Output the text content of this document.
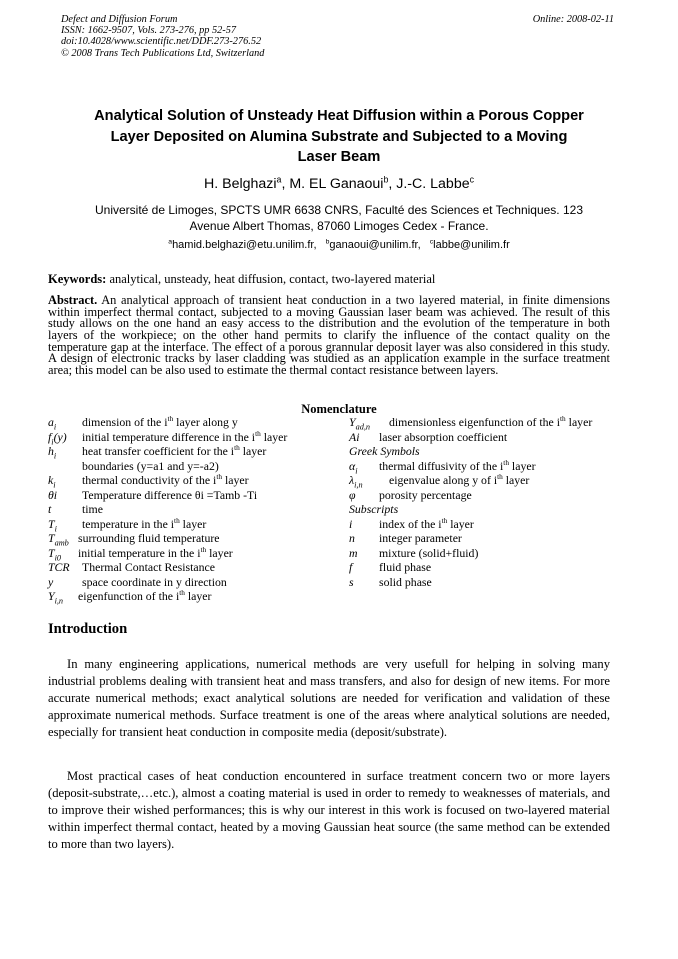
Defect and Diffusion Forum
ISSN: 1662-9507, Vols. 273-276, pp 52-57
doi:10.4028/www.scientific.net/DDF.273-276.52
© 2008 Trans Tech Publications Ltd, Switzerland
Online: 2008-02-11
Analytical Solution of Unsteady Heat Diffusion within a Porous Copper
Layer Deposited on Alumina Substrate and Subjected to a Moving
Laser Beam
H. Belghazi$^a$, M. EL Ganaoui$^b$, J.-C. Labbe$^c$
Université de Limoges, SPCTS UMR 6638 CNRS, Faculté des Sciences et Techniques. 123
Avenue Albert Thomas, 87060 Limoges Cedex - France.
$^a$hamid.belghazi@etu.unilim.fr, $^b$ganaoui@unilim.fr, $^c$labbe@unilim.fr
Keywords: analytical, unsteady, heat diffusion, contact, two-layered material
Abstract. An analytical approach of transient heat conduction in a two layered material, in finite dimensions within imperfect thermal contact, subjected to a moving Gaussian laser beam was achieved. The result of this study allows on the one hand an easy access to the distribution and the evolution of the temperature in both layers of the workpiece; on the other hand permits to clarify the influence of the contact quality on the temperature gap at the interface. The effect of a porous grannular deposit layer was also considered in this study. A design of electronic tracks by laser cladding was studied as an application example in the surface treatment area; this model can be also used to estimate the thermal contact resistance between layers.
Nomenclature
$a_i$ dimension of the $i^{th}$ layer along y
$f_i(y)$ initial temperature difference in the $i^{th}$ layer
$h_i$ heat transfer coefficient for the $i^{th}$ layer
boundaries (y=a1 and y=-a2)
$k_i$ thermal conductivity of the $i^{th}$ layer
θi Temperature difference θi =Tamb -Ti
t	time
$T_i$ temperature in the $i^{th}$ layer
$T_{amb}$ surrounding fluid temperature
$T_{i0}$ initial temperature in the $i^{th}$ layer
TCR Thermal Contact Resistance
y space coordinate in y direction
$Y_{i,n}$ eigenfunction of the $i^{th}$ layer
$Y_{ad,n}$ dimensionless eigenfunction of the $i^{th}$ layer
Ai laser absorption coefficient
Greek Symbols
$\alpha_i$ thermal diffusivity of the $i^{th}$ layer
$\lambda_{i,n}$ eigenvalue along y of $i^{th}$ layer
φ porosity percentage
Subscripts
i index of the $i^{th}$ layer
n integer parameter
m mixture (solid+fluid)
f fluid phase
s solid phase
Introduction
In many engineering applications, numerical methods are very usefull for helping in solving many industrial problems dealing with transient heat and mass transfers, and also for design of new items. For more accurate numerical methods; exact analytical solutions are needed for verification and validation of these approximate numerical methods. Surface treatment is one of the areas where analytical solutions are needed, especially for transient heat conduction in composite media (deposit/substrate).
Most practical cases of heat conduction encountered in surface treatment concern two or more layers (deposit-substrate,…etc.), almost a coating material is used in order to remedy to weaknesses of materials, and to improve their wished performances; this is why our interest in this work is focused on two-layered material within imperfect thermal contact, heated by a moving Gaussian heat source (the same method can be extended to more than two layers).
